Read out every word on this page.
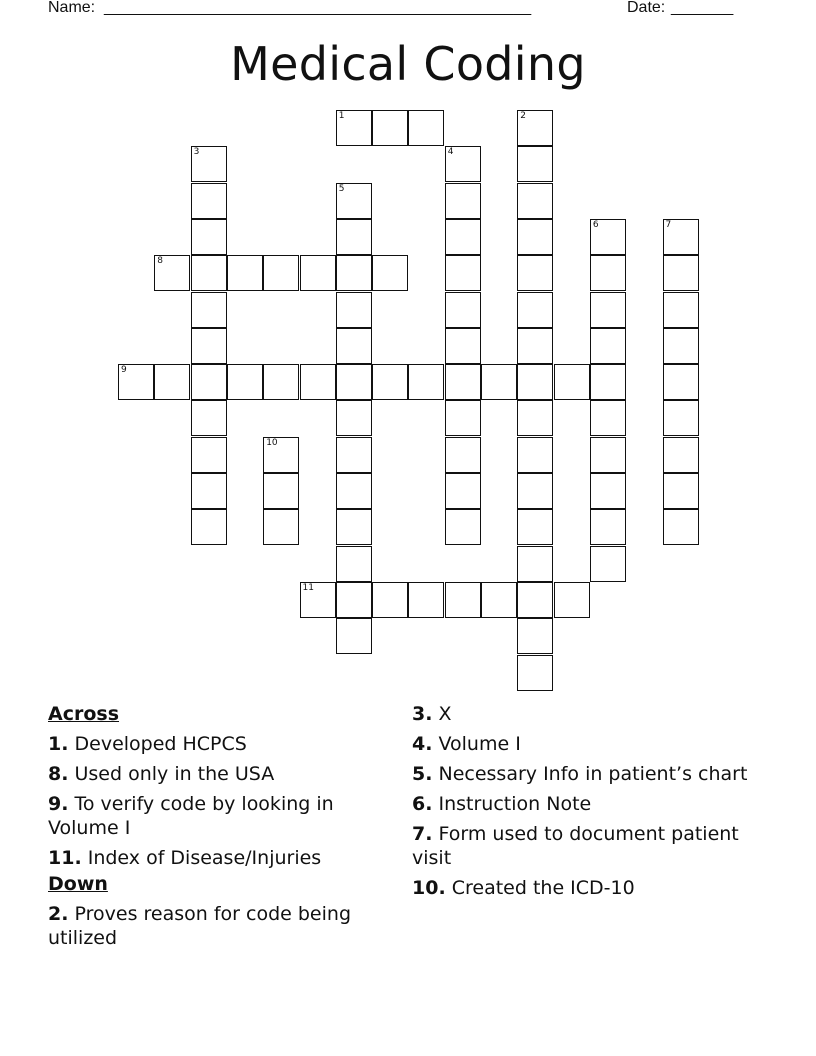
Name: ________________________________________________	Date: _______
Medical Coding
1	2
3	4
5
6	7
8
9
10
11
Across
1. Developed HCPCS
8. Used only in the USA
9. To verify code by looking in Volume I
11. Index of Disease/Injuries
Down
2. Proves reason for code being utilized
3. X
4. Volume I
5. Necessary Info in patient’s chart
6. Instruction Note
7. Form used to document patient visit
10. Created the ICD-10
